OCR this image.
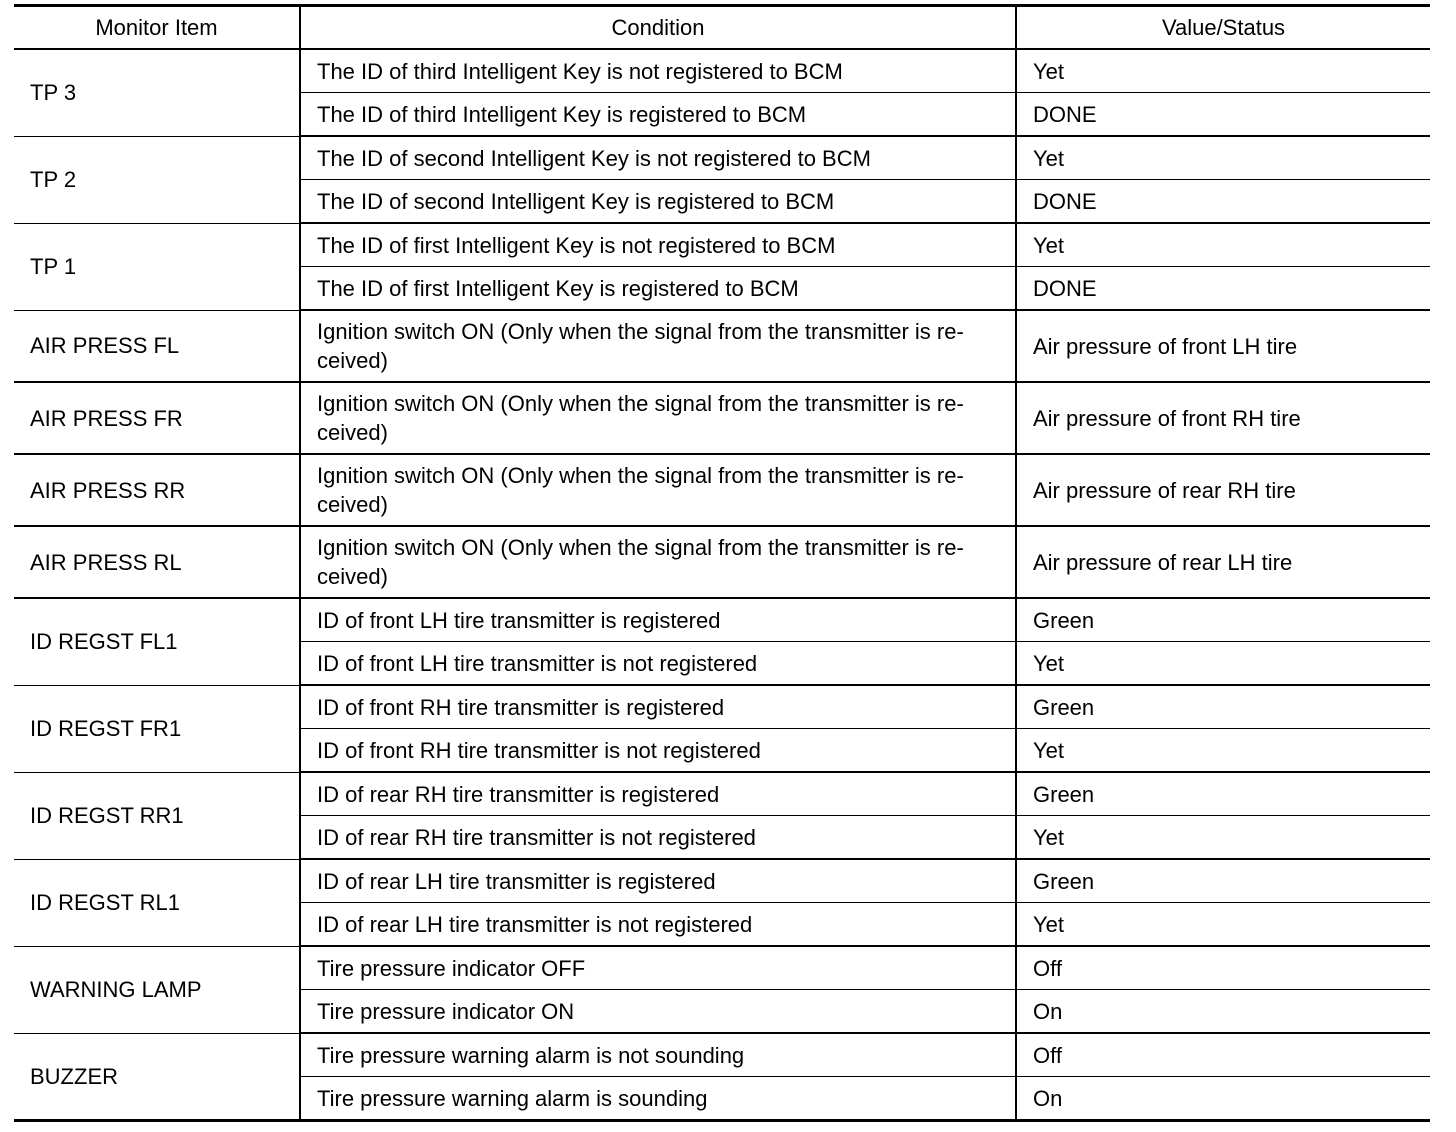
Monitor Item	Condition	Value/Status
TP 3	The ID of third Intelligent Key is not registered to BCM	Yet
	The ID of third Intelligent Key is registered to BCM	DONE
TP 2	The ID of second Intelligent Key is not registered to BCM	Yet
	The ID of second Intelligent Key is registered to BCM	DONE
TP 1	The ID of first Intelligent Key is not registered to BCM	Yet
	The ID of first Intelligent Key is registered to BCM	DONE
AIR PRESS FL	Ignition switch ON (Only when the signal from the transmitter is re-ceived)	Air pressure of front LH tire
AIR PRESS FR	Ignition switch ON (Only when the signal from the transmitter is re-ceived)	Air pressure of front RH tire
AIR PRESS RR	Ignition switch ON (Only when the signal from the transmitter is re-ceived)	Air pressure of rear RH tire
AIR PRESS RL	Ignition switch ON (Only when the signal from the transmitter is re-ceived)	Air pressure of rear LH tire
ID REGST FL1	ID of front LH tire transmitter is registered	Green
	ID of front LH tire transmitter is not registered	Yet
ID REGST FR1	ID of front RH tire transmitter is registered	Green
	ID of front RH tire transmitter is not registered	Yet
ID REGST RR1	ID of rear RH tire transmitter is registered	Green
	ID of rear RH tire transmitter is not registered	Yet
ID REGST RL1	ID of rear LH tire transmitter is registered	Green
	ID of rear LH tire transmitter is not registered	Yet
WARNING LAMP	Tire pressure indicator OFF	Off
	Tire pressure indicator ON	On
BUZZER	Tire pressure warning alarm is not sounding	Off
	Tire pressure warning alarm is sounding	On
